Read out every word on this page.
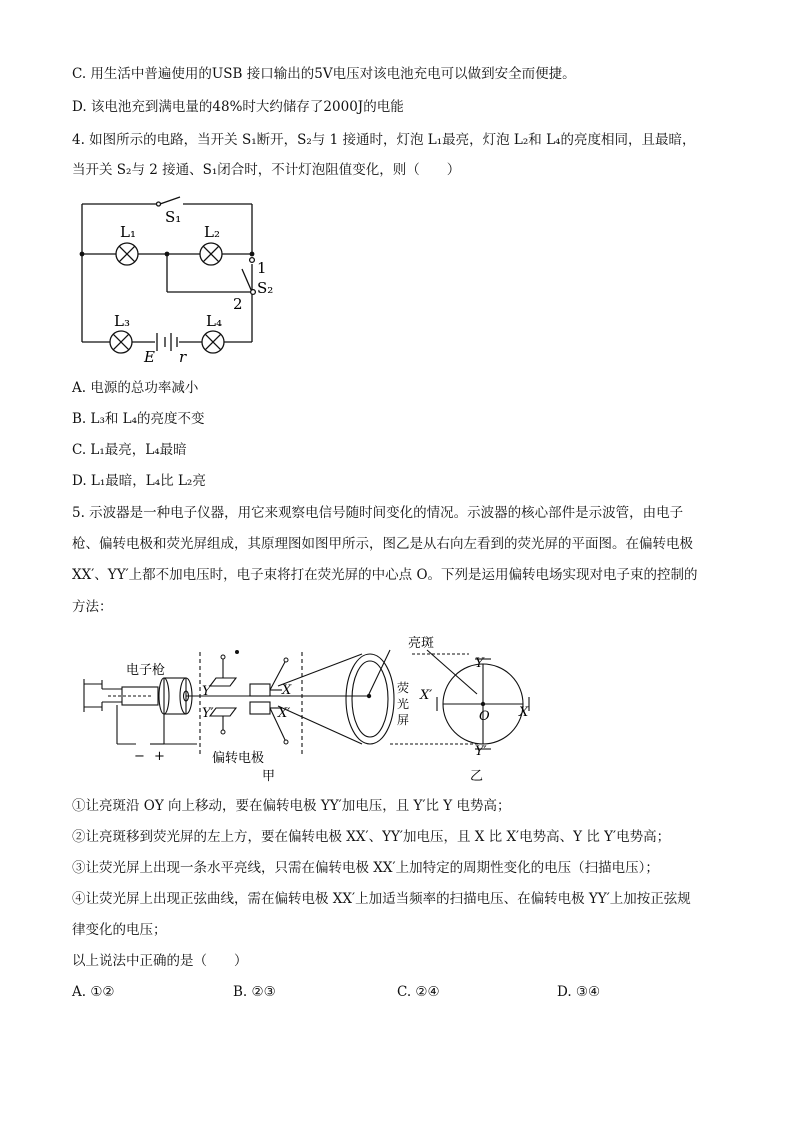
C. 用生活中普遍使用的USB 接口输出的5V电压对该电池充电可以做到安全而便捷。
D. 该电池充到满电量的48%时大约储存了2000J的电能
4. 如图所示的电路，当开关 S₁断开，S₂与 1 接通时，灯泡 L₁最亮，灯泡 L₂和 L₄的亮度相同，且最暗，
当开关 S₂与 2 接通、S₁闭合时，不计灯泡阻值变化，则（　　）
S₁
L₁	L₂
1
2
S₂
L₃	L₄
E r
A. 电源的总功率减小
B. L₃和 L₄的亮度不变
C. L₁最亮，L₄最暗
D. L₁最暗，L₄比 L₂亮
5. 示波器是一种电子仪器，用它来观察电信号随时间变化的情况。示波器的核心部件是示波管，由电子
枪、偏转电极和荧光屏组成，其原理图如图甲所示，图乙是从右向左看到的荧光屏的平面图。在偏转电极
XX′、YY′上都不加电压时，电子束将打在荧光屏的中心点 O。下列是运用偏转电场实现对电子束的控制的
方法：
电子枪
亮斑
荧
光
屏
偏转电极
甲	乙
− +
Y
Y′
X
X′
Y
Y′
X′
X
O
①让亮斑沿 OY 向上移动，要在偏转电极 YY′加电压，且 Y′比 Y 电势高；
②让亮斑移到荧光屏的左上方，要在偏转电极 XX′、YY′加电压，且 X 比 X′电势高、Y 比 Y′电势高；
③让荧光屏上出现一条水平亮线，只需在偏转电极 XX′上加特定的周期性变化的电压（扫描电压）；
④让荧光屏上出现正弦曲线，需在偏转电极 XX′上加适当频率的扫描电压、在偏转电极 YY′上加按正弦规
律变化的电压；
以上说法中正确的是（　　）
A. ①②	B. ②③	C. ②④	D. ③④
